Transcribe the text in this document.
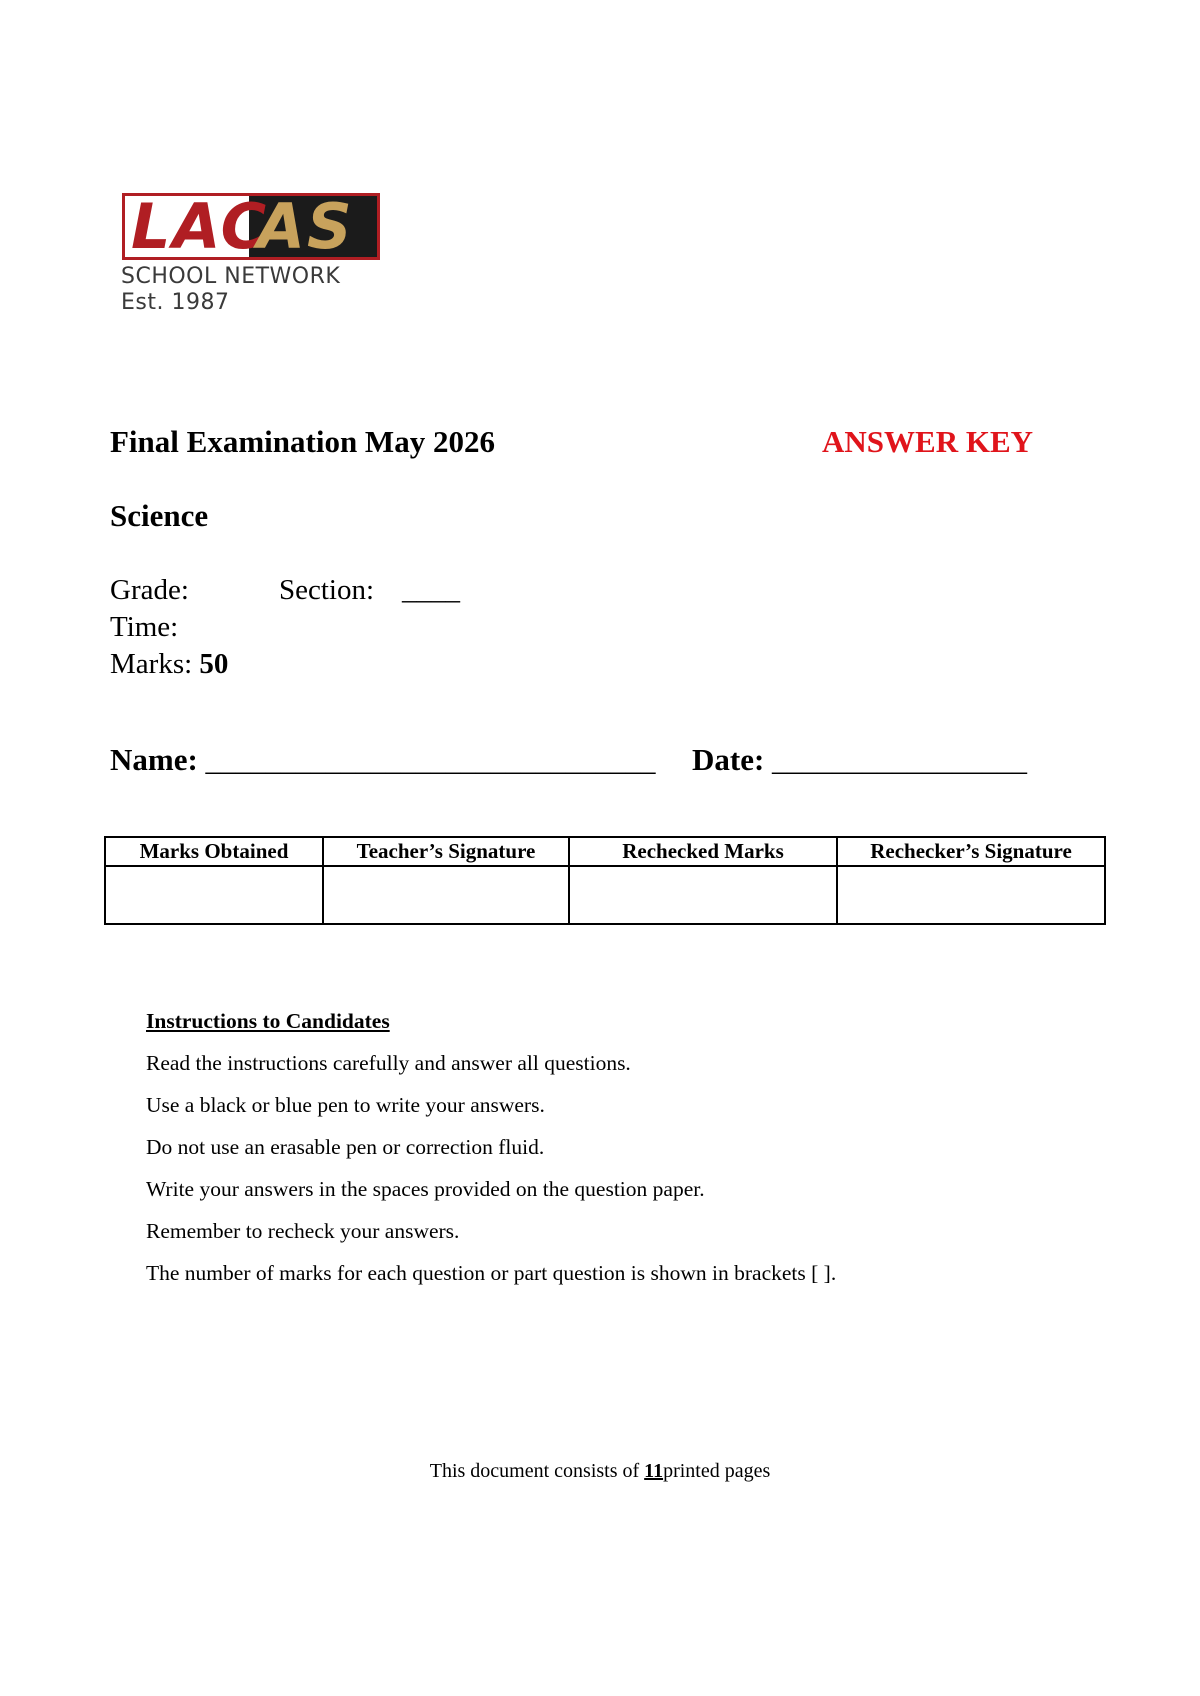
LAC
AS
SCHOOL NETWORK
Est. 1987
Final Examination May 2026	ANSWER KEY
Science
Grade:	Section: ____
Time:
Marks: 50
Name: ______________________________ Date: _________________
Marks Obtained	Teacher’s Signature	Rechecked Marks	Rechecker’s Signature

Instructions to Candidates
Read the instructions carefully and answer all questions.
Use a black or blue pen to write your answers.
Do not use an erasable pen or correction fluid.
Write your answers in the spaces provided on the question paper.
Remember to recheck your answers.
The number of marks for each question or part question is shown in brackets [ ].
This document consists of 11printed pages
